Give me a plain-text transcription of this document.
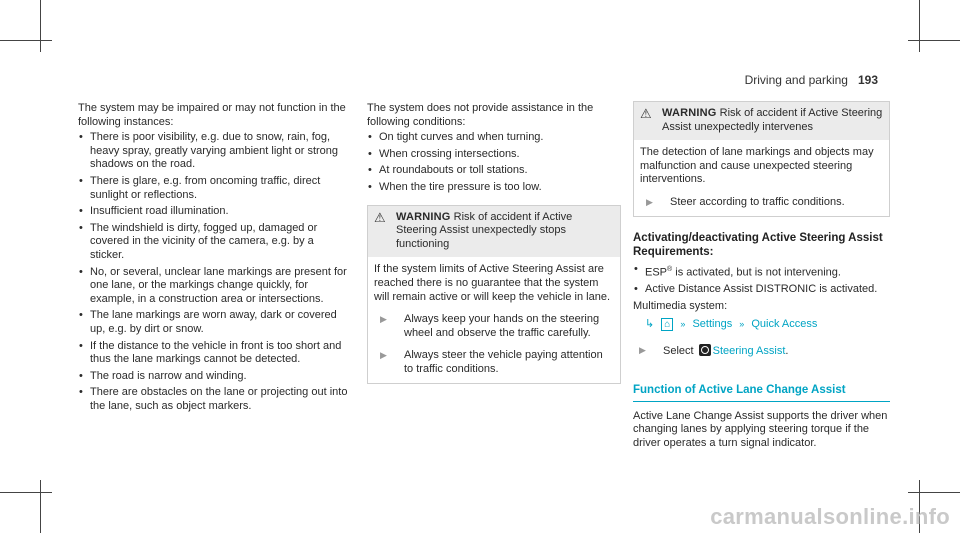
Driving and parking 193

The system may be impaired or may not function in the following instances:

• There is poor visibility, e.g. due to snow, rain, fog, heavy spray, greatly varying ambient light or strong shadows on the road.
• There is glare, e.g. from oncoming traffic, direct sunlight or reflections.
• Insufficient road illumination.
• The windshield is dirty, fogged up, damaged or covered in the vicinity of the camera, e.g. by a sticker.
• No, or several, unclear lane markings are present for one lane, or the markings change quickly, for example, in a construction area or intersections.
• The lane markings are worn away, dark or covered up, e.g. by dirt or snow.
• If the distance to the vehicle in front is too short and thus the lane markings cannot be detected.
• The road is narrow and winding.
• There are obstacles on the lane or projecting out into the lane, such as object markers.

The system does not provide assistance in the following conditions:

• On tight curves and when turning.
• When crossing intersections.
• At roundabouts or toll stations.
• When the tire pressure is too low.
⚠ WARNING Risk of accident if Active Steering Assist unexpectedly stops functioning

If the system limits of Active Steering Assist are reached there is no guarantee that the system will remain active or will keep the vehicle in lane.

▶	Always keep your hands on the steering wheel and observe the traffic carefully.
▶	Always steer the vehicle paying attention to traffic conditions.
⚠ WARNING Risk of accident if Active Steering Assist unexpectedly intervenes

The detection of lane markings and objects may malfunction and cause unexpected steering interventions.

▶	Steer according to traffic conditions.
Activating/deactivating Active Steering Assist
Requirements:
• ESP® is activated, but is not intervening.
• Active Distance Assist DISTRONIC is activated.

Multimedia system:

↳ ⌂ » Settings » Quick Access
▶	Select Steering Assist.
Function of Active Lane Change Assist

Active Lane Change Assist supports the driver when changing lanes by applying steering torque if the driver operates a turn signal indicator.

carmanualsonline.info
